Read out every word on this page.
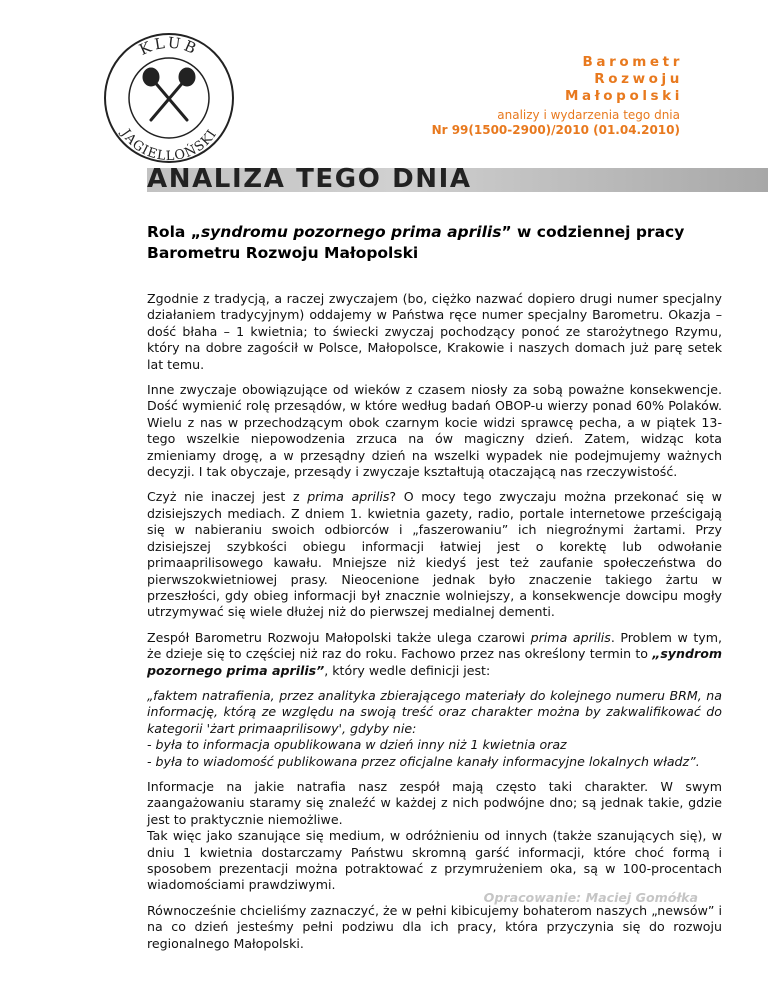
KLUB
JAGIELLOŃSKI
Barometr
Rozwoju
Małopolski
analizy i wydarzenia tego dnia
Nr 99(1500-2900)/2010 (01.04.2010)
ANALIZA TEGO DNIA
Rola „syndromu pozornego prima aprilis” w codziennej pracy Barometru Rozwoju Małopolski

Zgodnie z tradycją, a raczej zwyczajem (bo, ciężko nazwać dopiero drugi numer specjalny działaniem tradycyjnym) oddajemy w Państwa ręce numer specjalny Barometru. Okazja – dość błaha – 1 kwietnia; to świecki zwyczaj pochodzący ponoć ze starożytnego Rzymu, który na dobre zagościł w Polsce, Małopolsce, Krakowie i naszych domach już parę setek lat temu.

Inne zwyczaje obowiązujące od wieków z czasem niosły za sobą poważne konsekwencje. Dość wymienić rolę przesądów, w które według badań OBOP-u wierzy ponad 60% Polaków. Wielu z nas w przechodzącym obok czarnym kocie widzi sprawcę pecha, a w piątek 13-tego wszelkie niepowodzenia zrzuca na ów magiczny dzień. Zatem, widząc kota zmieniamy drogę, a w przesądny dzień na wszelki wypadek nie podejmujemy ważnych decyzji. I tak obyczaje, przesądy i zwyczaje kształtują otaczającą nas rzeczywistość.

Czyż nie inaczej jest z prima aprilis? O mocy tego zwyczaju można przekonać się w dzisiejszych mediach. Z dniem 1. kwietnia gazety, radio, portale internetowe prześcigają się w nabieraniu swoich odbiorców i „faszerowaniu” ich niegroźnymi żartami. Przy dzisiejszej szybkości obiegu informacji łatwiej jest o korektę lub odwołanie primaaprilisowego kawału. Mniejsze niż kiedyś jest też zaufanie społeczeństwa do pierwszokwietniowej prasy. Nieocenione jednak było znaczenie takiego żartu w przeszłości, gdy obieg informacji był znacznie wolniejszy, a konsekwencje dowcipu mogły utrzymywać się wiele dłużej niż do pierwszej medialnej dementi.

Zespół Barometru Rozwoju Małopolski także ulega czarowi prima aprilis. Problem w tym, że dzieje się to częściej niż raz do roku. Fachowo przez nas określony termin to „syndrom pozornego prima aprilis”, który wedle definicji jest:

„faktem natrafienia, przez analityka zbierającego materiały do kolejnego numeru BRM, na informację, którą ze względu na swoją treść oraz charakter można by zakwalifikować do kategorii 'żart primaaprilisowy', gdyby nie:
- była to informacja opublikowana w dzień inny niż 1 kwietnia oraz
- była to wiadomość publikowana przez oficjalne kanały informacyjne lokalnych władz”.

Informacje na jakie natrafia nasz zespół mają często taki charakter. W swym zaangażowaniu staramy się znaleźć w każdej z nich podwójne dno; są jednak takie, gdzie jest to praktycznie niemożliwe.

Tak więc jako szanujące się medium, w odróżnieniu od innych (także szanujących się), w dniu 1 kwietnia dostarczamy Państwu skromną garść informacji, które choć formą i sposobem prezentacji można potraktować z przymrużeniem oka, są w 100-procentach wiadomościami prawdziwymi.

Równocześnie chcieliśmy zaznaczyć, że w pełni kibicujemy bohaterom naszych „newsów” i na co dzień jesteśmy pełni podziwu dla ich pracy, która przyczynia się do rozwoju regionalnego Małopolski.

Opracowanie: Maciej Gomółka
